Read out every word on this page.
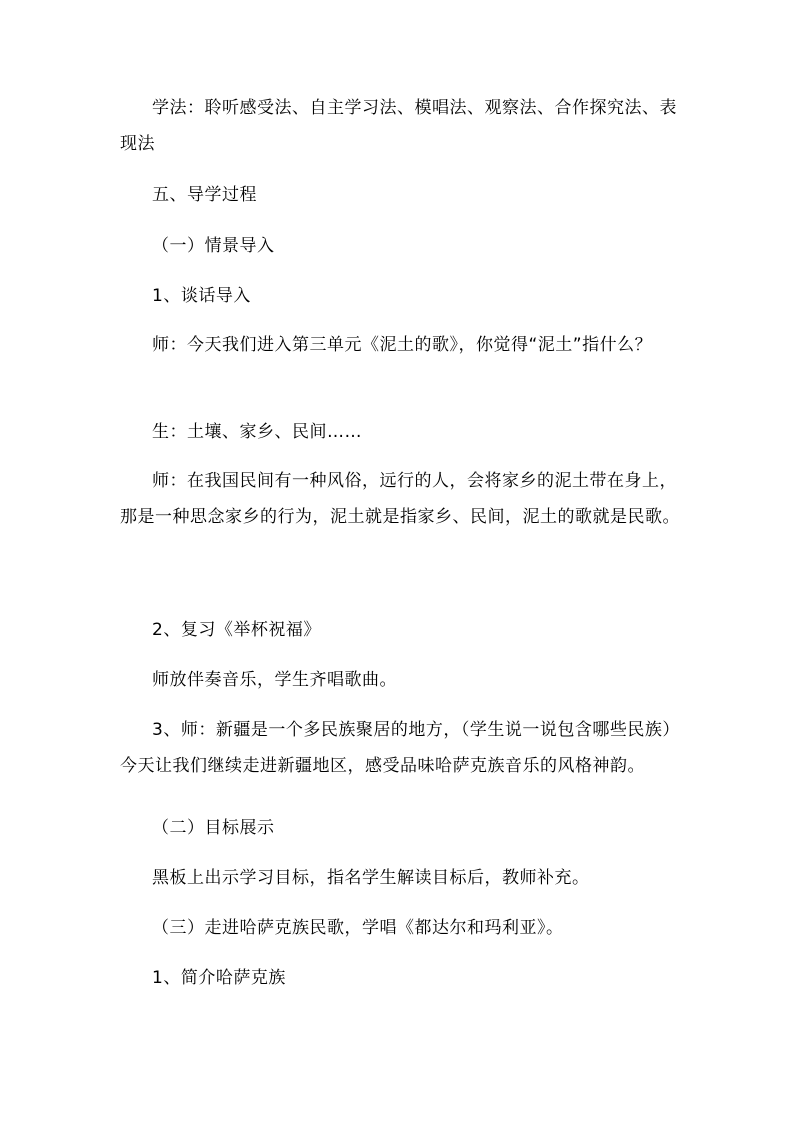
学法：聆听感受法、自主学习法、模唱法、观察法、合作探究法、表现法

五、导学过程

（一）情景导入

1、谈话导入

师：今天我们进入第三单元《泥土的歌》，你觉得“泥土”指什么？

生：土壤、家乡、民间……

师：在我国民间有一种风俗，远行的人，会将家乡的泥土带在身上，那是一种思念家乡的行为，泥土就是指家乡、民间，泥土的歌就是民歌。

2、复习《举杯祝福》

师放伴奏音乐，学生齐唱歌曲。

3、师：新疆是一个多民族聚居的地方，（学生说一说包含哪些民族）今天让我们继续走进新疆地区，感受品味哈萨克族音乐的风格神韵。

（二）目标展示

黑板上出示学习目标，指名学生解读目标后，教师补充。

（三）走进哈萨克族民歌，学唱《都达尔和玛利亚》。

1、简介哈萨克族
